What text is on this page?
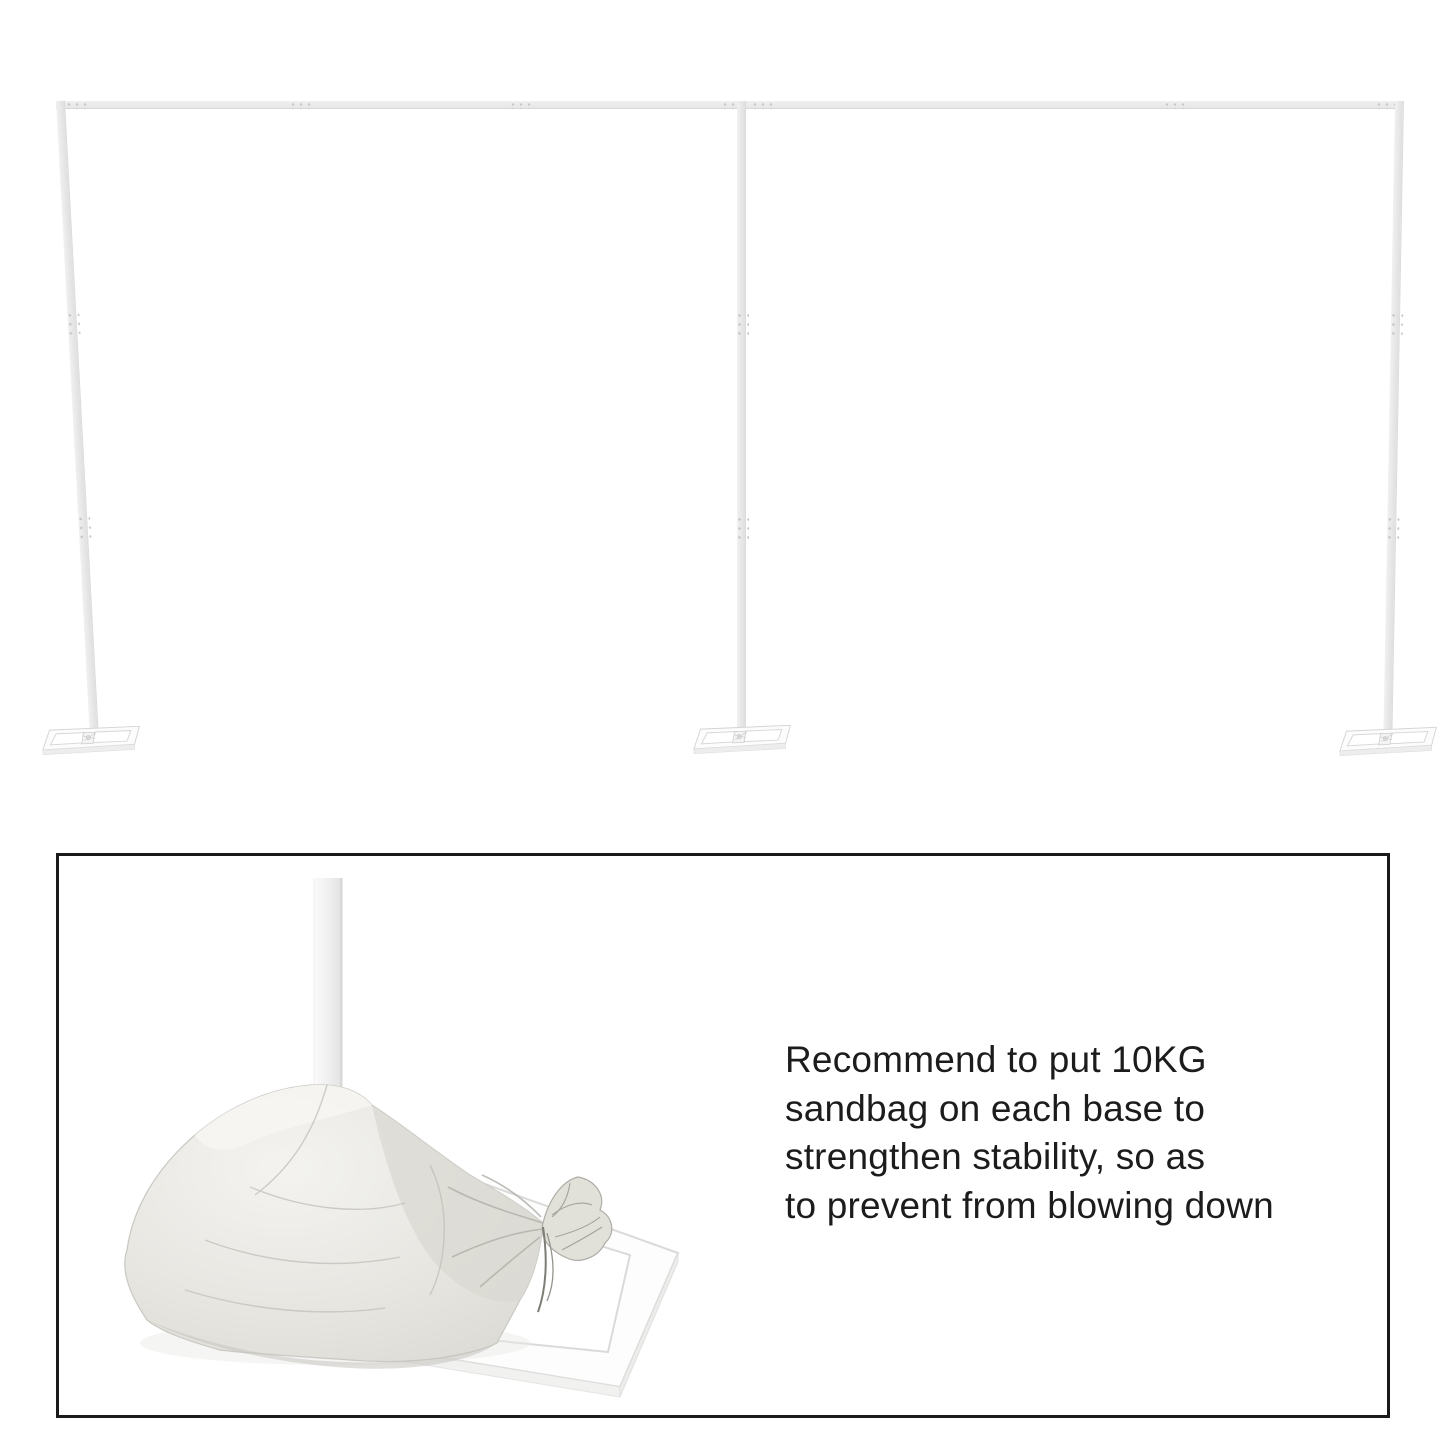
Recommend to put 10KG
sandbag on each base to
strengthen stability, so as
to prevent from blowing down
